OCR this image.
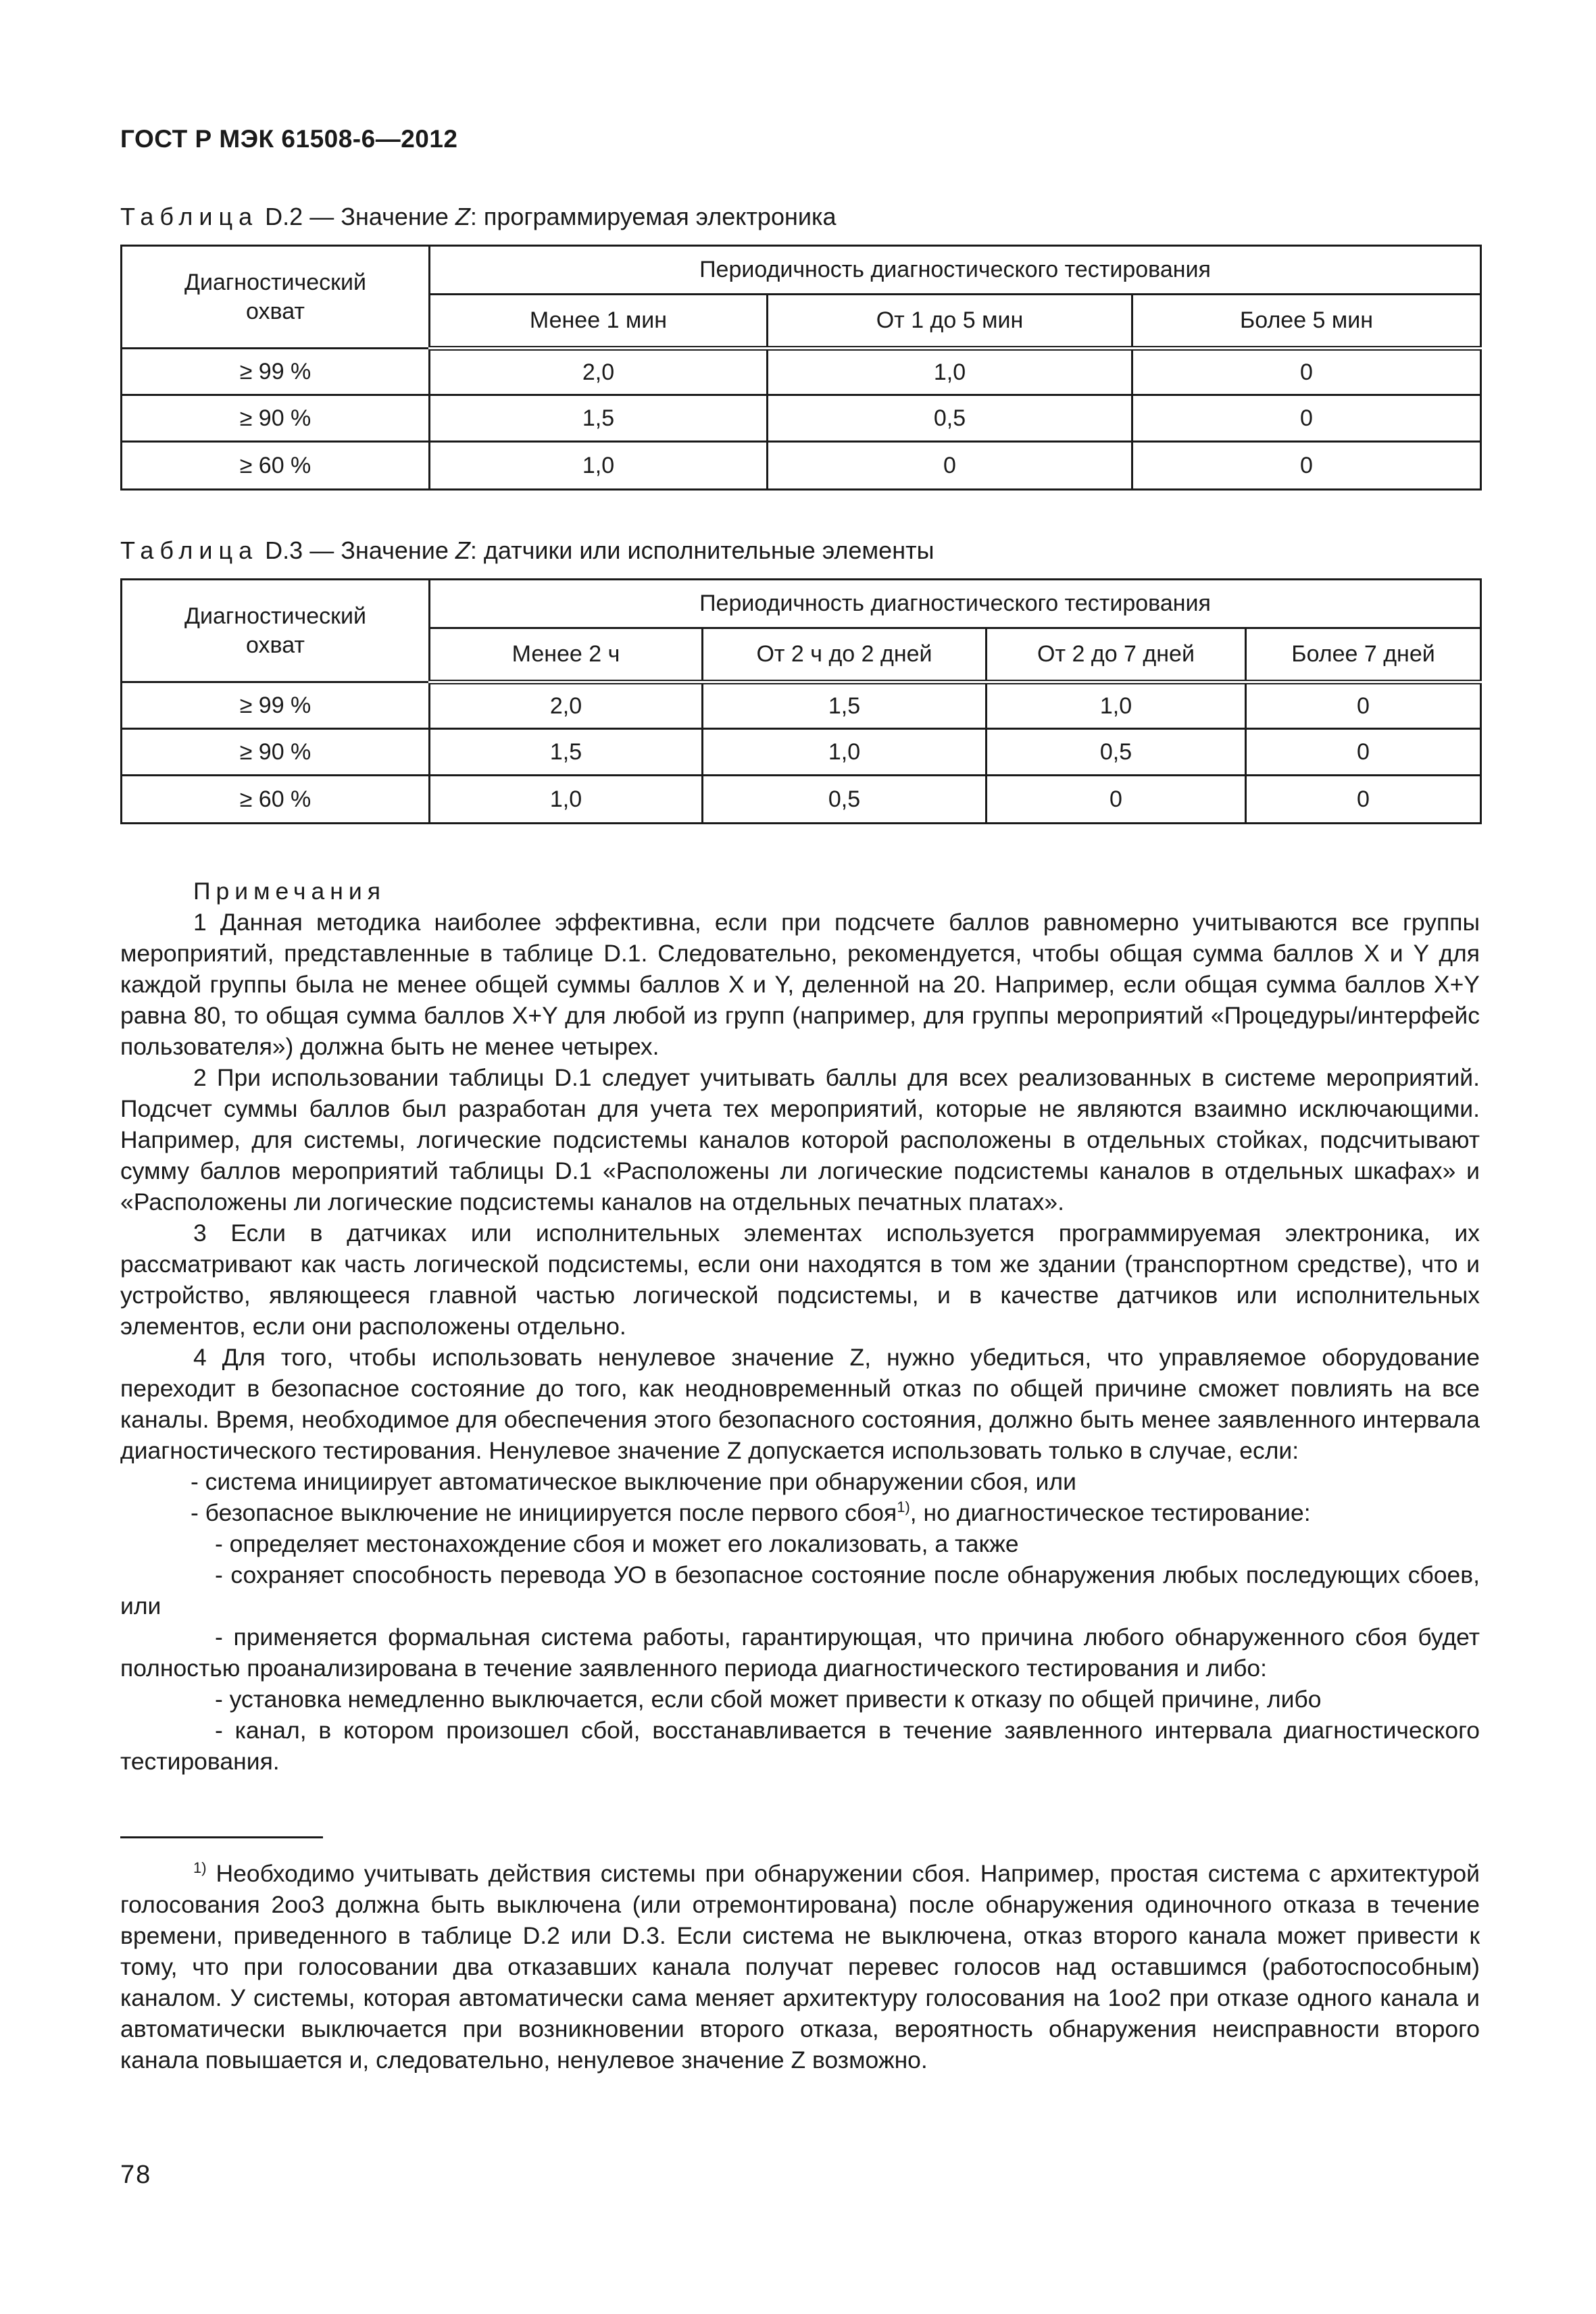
ГОСТ Р МЭК 61508-6—2012
Таблица D.2 — Значение Z: программируемая электроника
Диагностический охват	Периодичность диагностического тестирования		
	Менее 1 мин	От 1 до 5 мин	Более 5 мин
≥ 99 %	2,0	1,0	0
≥ 90 %	1,5	0,5	0
≥ 60 %	1,0	0	0
Таблица D.3 — Значение Z: датчики или исполнительные элементы
Диагностический охват	Периодичность диагностического тестирования			
	Менее 2 ч	От 2 ч до 2 дней	От 2 до 7 дней	Более 7 дней
≥ 99 %	2,0	1,5	1,0	0
≥ 90 %	1,5	1,0	0,5	0
≥ 60 %	1,0	0,5	0	0

Примечания

1 Данная методика наиболее эффективна, если при подсчете баллов равномерно учитываются все группы мероприятий, представленные в таблице D.1. Следовательно, рекомендуется, чтобы общая сумма баллов X и Y для каждой группы была не менее общей суммы баллов X и Y, деленной на 20. Например, если общая сумма баллов X+Y равна 80, то общая сумма баллов X+Y для любой из групп (например, для группы мероприятий «Процедуры/интерфейс пользователя») должна быть не менее четырех.

2 При использовании таблицы D.1 следует учитывать баллы для всех реализованных в системе мероприятий. Подсчет суммы баллов был разработан для учета тех мероприятий, которые не являются взаимно исключающими. Например, для системы, логические подсистемы каналов которой расположены в отдельных стойках, подсчитывают сумму баллов мероприятий таблицы D.1 «Расположены ли логические подсистемы каналов в отдельных шкафах» и «Расположены ли логические подсистемы каналов на отдельных печатных платах».

3 Если в датчиках или исполнительных элементах используется программируемая электроника, их рассматривают как часть логической подсистемы, если они находятся в том же здании (транспортном средстве), что и устройство, являющееся главной частью логической подсистемы, и в качестве датчиков или исполнительных элементов, если они расположены отдельно.

4 Для того, чтобы использовать ненулевое значение Z, нужно убедиться, что управляемое оборудование переходит в безопасное состояние до того, как неодновременный отказ по общей причине сможет повлиять на все каналы. Время, необходимое для обеспечения этого безопасного состояния, должно быть менее заявленного интервала диагностического тестирования. Ненулевое значение Z допускается использовать только в случае, если:

- система инициирует автоматическое выключение при обнаружении сбоя, или

- безопасное выключение не инициируется после первого сбоя$^{1)}$, но диагностическое тестирование:

- определяет местонахождение сбоя и может его локализовать, а также

- сохраняет способность перевода УО в безопасное состояние после обнаружения любых последующих сбоев, или

- применяется формальная система работы, гарантирующая, что причина любого обнаруженного сбоя будет полностью проанализирована в течение заявленного периода диагностического тестирования и либо:

- установка немедленно выключается, если сбой может привести к отказу по общей причине, либо

- канал, в котором произошел сбой, восстанавливается в течение заявленного интервала диагностического тестирования.

$^{1)}$ Необходимо учитывать действия системы при обнаружении сбоя. Например, простая система с архитектурой голосования 2oo3 должна быть выключена (или отремонтирована) после обнаружения одиночного отказа в течение времени, приведенного в таблице D.2 или D.3. Если система не выключена, отказ второго канала может привести к тому, что при голосовании два отказавших канала получат перевес голосов над оставшимся (работоспособным) каналом. У системы, которая автоматически сама меняет архитектуру голосования на 1oo2 при отказе одного канала и автоматически выключается при возникновении второго отказа, вероятность обнаружения неисправности второго канала повышается и, следовательно, ненулевое значение Z возможно.

78
